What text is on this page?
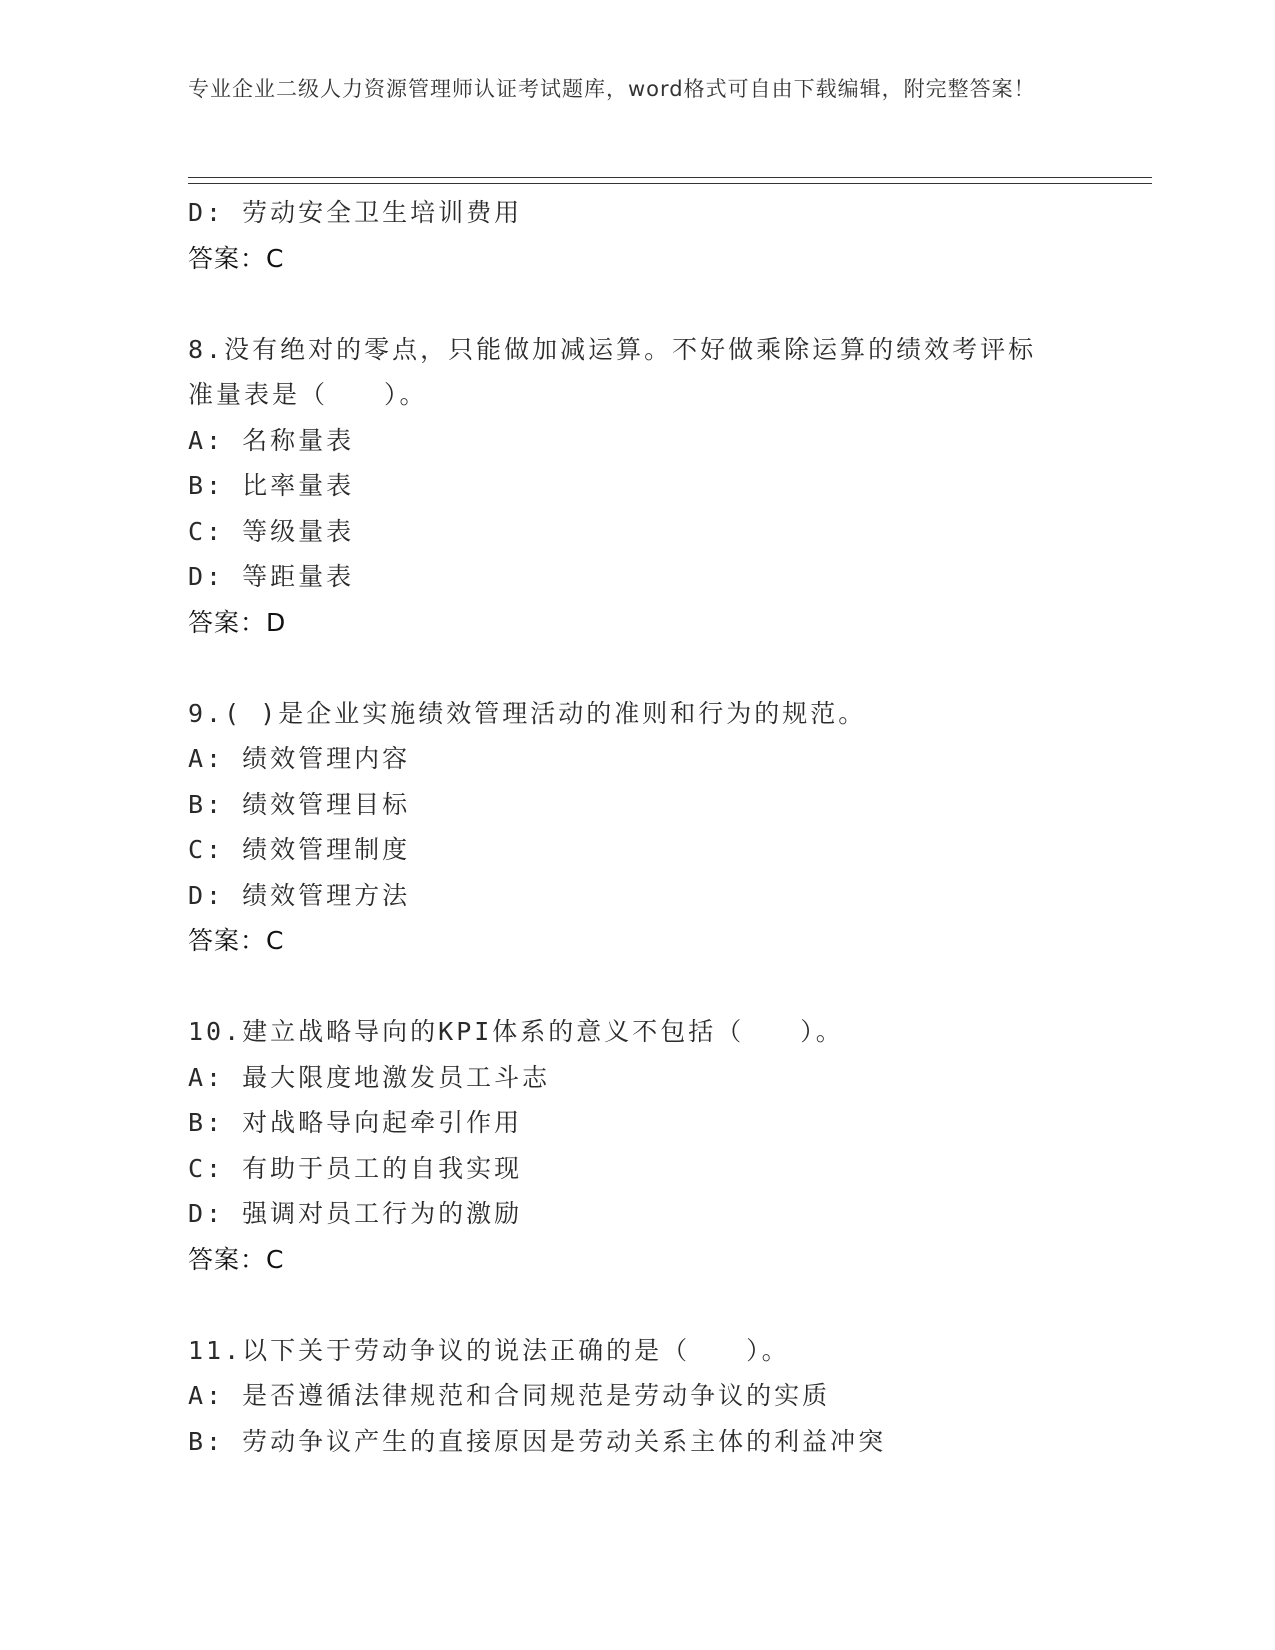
专业企业二级人力资源管理师认证考试题库，word格式可自由下载编辑，附完整答案！
D: 劳动安全卫生培训费用
答案：C
8.没有绝对的零点，只能做加减运算。不好做乘除运算的绩效考评标
准量表是（　　）。
A: 名称量表
B: 比率量表
C: 等级量表
D: 等距量表
答案：D
9.( )是企业实施绩效管理活动的准则和行为的规范。
A: 绩效管理内容
B: 绩效管理目标
C: 绩效管理制度
D: 绩效管理方法
答案：C
10.建立战略导向的KPI体系的意义不包括（　　）。
A: 最大限度地激发员工斗志
B: 对战略导向起牵引作用
C: 有助于员工的自我实现
D: 强调对员工行为的激励
答案：C
11.以下关于劳动争议的说法正确的是（　　）。
A: 是否遵循法律规范和合同规范是劳动争议的实质
B: 劳动争议产生的直接原因是劳动关系主体的利益冲突
